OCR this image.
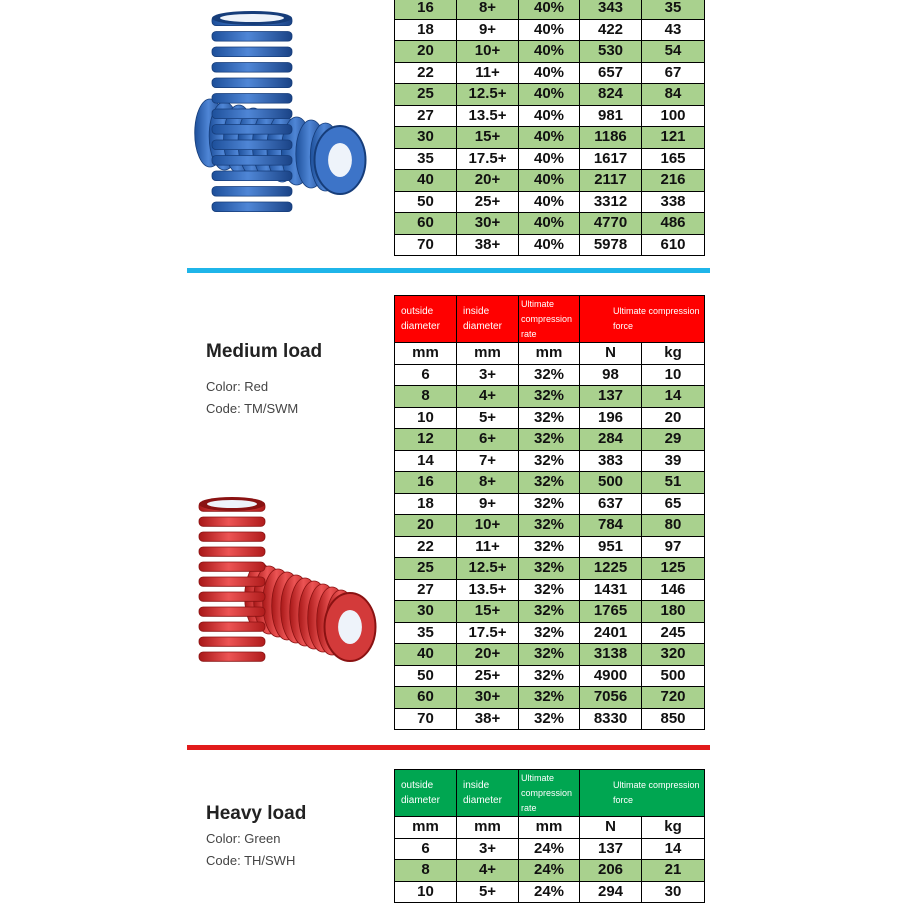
16	8+	40%	343	35
18	9+	40%	422	43
20	10+	40%	530	54
22	11+	40%	657	67
25	12.5+	40%	824	84
27	13.5+	40%	981	100
30	15+	40%	1186	121
35	17.5+	40%	1617	165
40	20+	40%	2117	216
50	25+	40%	3312	338
60	30+	40%	4770	486
70	38+	40%	5978	610
Medium load
Color: Red
Code: TM/SWM
outside diameter	inside diameter	Ultimate compression rate	Ultimate compression force	
mm	mm	mm	N	kg
6	3+	32%	98	10
8	4+	32%	137	14
10	5+	32%	196	20
12	6+	32%	284	29
14	7+	32%	383	39
16	8+	32%	500	51
18	9+	32%	637	65
20	10+	32%	784	80
22	11+	32%	951	97
25	12.5+	32%	1225	125
27	13.5+	32%	1431	146
30	15+	32%	1765	180
35	17.5+	32%	2401	245
40	20+	32%	3138	320
50	25+	32%	4900	500
60	30+	32%	7056	720
70	38+	32%	8330	850
Heavy load
Color: Green
Code: TH/SWH
outside diameter	inside diameter	Ultimate compression rate	Ultimate compression force	
mm	mm	mm	N	kg
6	3+	24%	137	14
8	4+	24%	206	21
10	5+	24%	294	30
